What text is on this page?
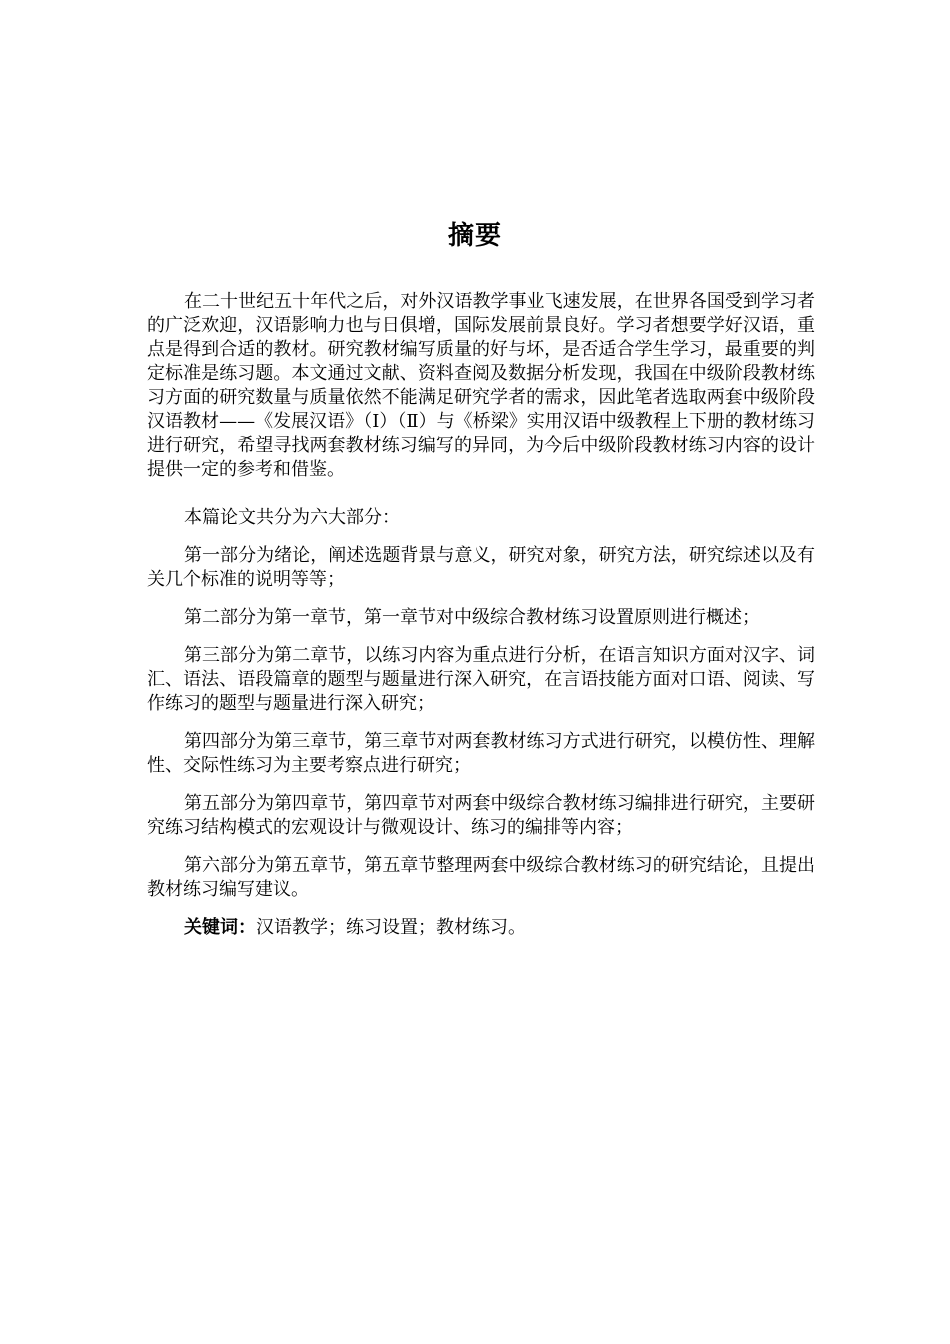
摘要

在二十世纪五十年代之后，对外汉语教学事业飞速发展，在世界各国受到学习者的广泛欢迎，汉语影响力也与日俱增，国际发展前景良好。学习者想要学好汉语，重点是得到合适的教材。研究教材编写质量的好与坏，是否适合学生学习，最重要的判定标准是练习题。本文通过文献、资料查阅及数据分析发现，我国在中级阶段教材练习方面的研究数量与质量依然不能满足研究学者的需求，因此笔者选取两套中级阶段汉语教材——《发展汉语》（Ⅰ）（Ⅱ）与《桥梁》实用汉语中级教程上下册的教材练习进行研究，希望寻找两套教材练习编写的异同，为今后中级阶段教材练习内容的设计提供一定的参考和借鉴。

本篇论文共分为六大部分：

第一部分为绪论，阐述选题背景与意义，研究对象，研究方法，研究综述以及有关几个标准的说明等等；

第二部分为第一章节，第一章节对中级综合教材练习设置原则进行概述；

第三部分为第二章节，以练习内容为重点进行分析，在语言知识方面对汉字、词汇、语法、语段篇章的题型与题量进行深入研究，在言语技能方面对口语、阅读、写作练习的题型与题量进行深入研究；

第四部分为第三章节，第三章节对两套教材练习方式进行研究，以模仿性、理解性、交际性练习为主要考察点进行研究；

第五部分为第四章节，第四章节对两套中级综合教材练习编排进行研究，主要研究练习结构模式的宏观设计与微观设计、练习的编排等内容；

第六部分为第五章节，第五章节整理两套中级综合教材练习的研究结论，且提出教材练习编写建议。

关键词：汉语教学；练习设置；教材练习。
